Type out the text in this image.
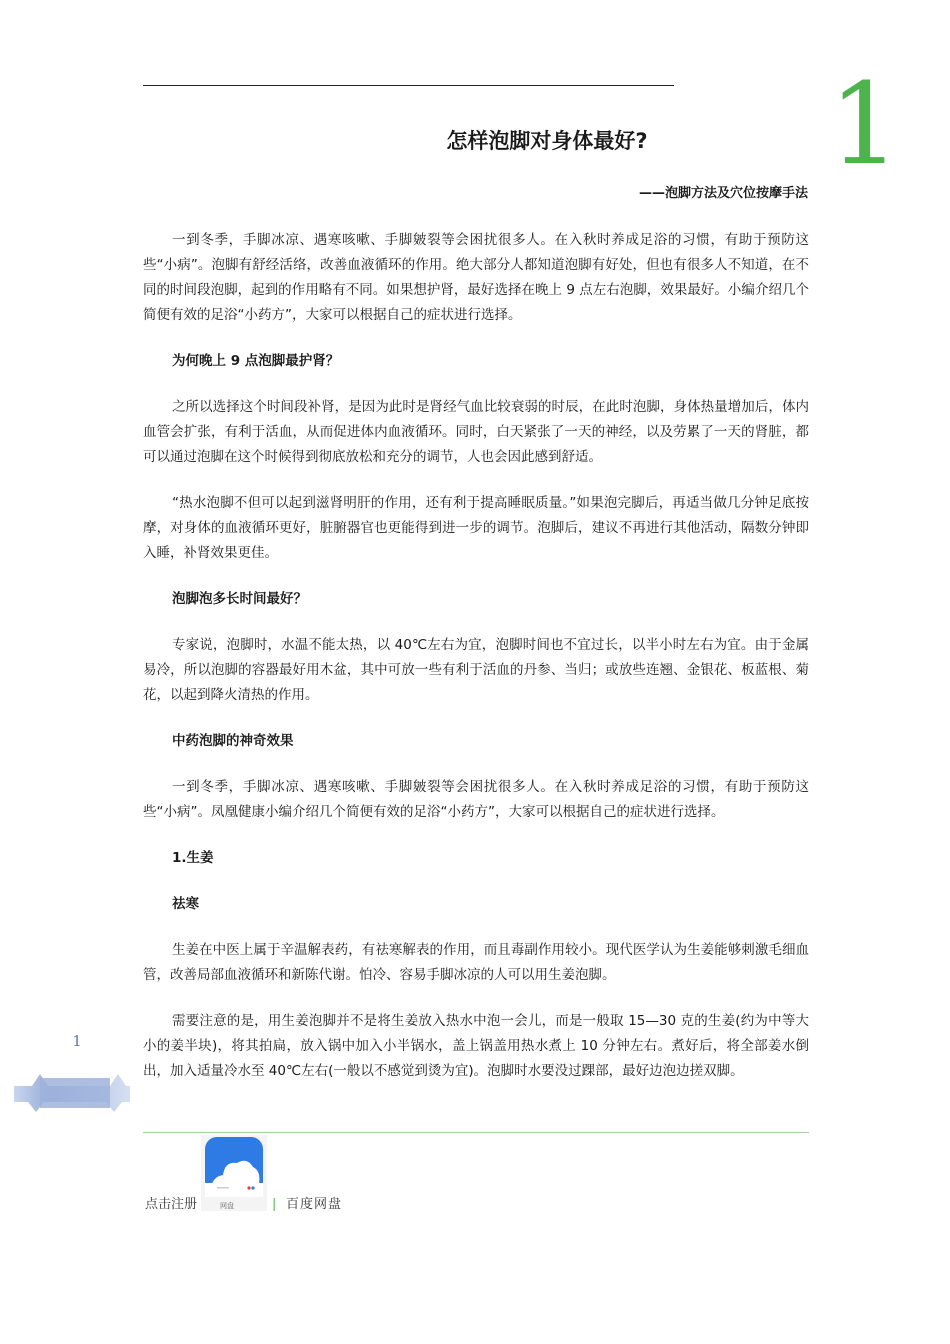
1
怎样泡脚对身体最好?
——泡脚方法及穴位按摩手法

一到冬季，手脚冰凉、遇寒咳嗽、手脚皴裂等会困扰很多人。在入秋时养成足浴的习惯，有助于预防这些“小病”。泡脚有舒经活络，改善血液循环的作用。绝大部分人都知道泡脚有好处，但也有很多人不知道，在不同的时间段泡脚，起到的作用略有不同。如果想护肾，最好选择在晚上 9 点左右泡脚，效果最好。小编介绍几个简便有效的足浴“小药方”，大家可以根据自己的症状进行选择。

为何晚上 9 点泡脚最护肾？

之所以选择这个时间段补肾，是因为此时是肾经气血比较衰弱的时辰，在此时泡脚，身体热量增加后，体内血管会扩张，有利于活血，从而促进体内血液循环。同时，白天紧张了一天的神经，以及劳累了一天的肾脏，都可以通过泡脚在这个时候得到彻底放松和充分的调节，人也会因此感到舒适。

“热水泡脚不但可以起到滋肾明肝的作用，还有利于提高睡眠质量。”如果泡完脚后，再适当做几分钟足底按摩，对身体的血液循环更好，脏腑器官也更能得到进一步的调节。泡脚后，建议不再进行其他活动，隔数分钟即入睡，补肾效果更佳。

泡脚泡多长时间最好？

专家说，泡脚时，水温不能太热，以 40℃左右为宜，泡脚时间也不宜过长，以半小时左右为宜。由于金属易冷，所以泡脚的容器最好用木盆，其中可放一些有利于活血的丹参、当归；或放些连翘、金银花、板蓝根、菊花，以起到降火清热的作用。

中药泡脚的神奇效果

一到冬季，手脚冰凉、遇寒咳嗽、手脚皴裂等会困扰很多人。在入秋时养成足浴的习惯，有助于预防这些“小病”。凤凰健康小编介绍几个简便有效的足浴“小药方”，大家可以根据自己的症状进行选择。

1.生姜

祛寒

生姜在中医上属于辛温解表药，有祛寒解表的作用，而且毒副作用较小。现代医学认为生姜能够刺激毛细血管，改善局部血液循环和新陈代谢。怕冷、容易手脚冰凉的人可以用生姜泡脚。

需要注意的是，用生姜泡脚并不是将生姜放入热水中泡一会儿，而是一般取 15—30 克的生姜(约为中等大小的姜半块)，将其拍扁，放入锅中加入小半锅水，盖上锅盖用热水煮上 10 分钟左右。煮好后，将全部姜水倒出，加入适量冷水至 40℃左右(一般以不感觉到烫为宜)。泡脚时水要没过踝部，最好边泡边搓双脚。

1
点击注册	网盘	| 百度网盘
